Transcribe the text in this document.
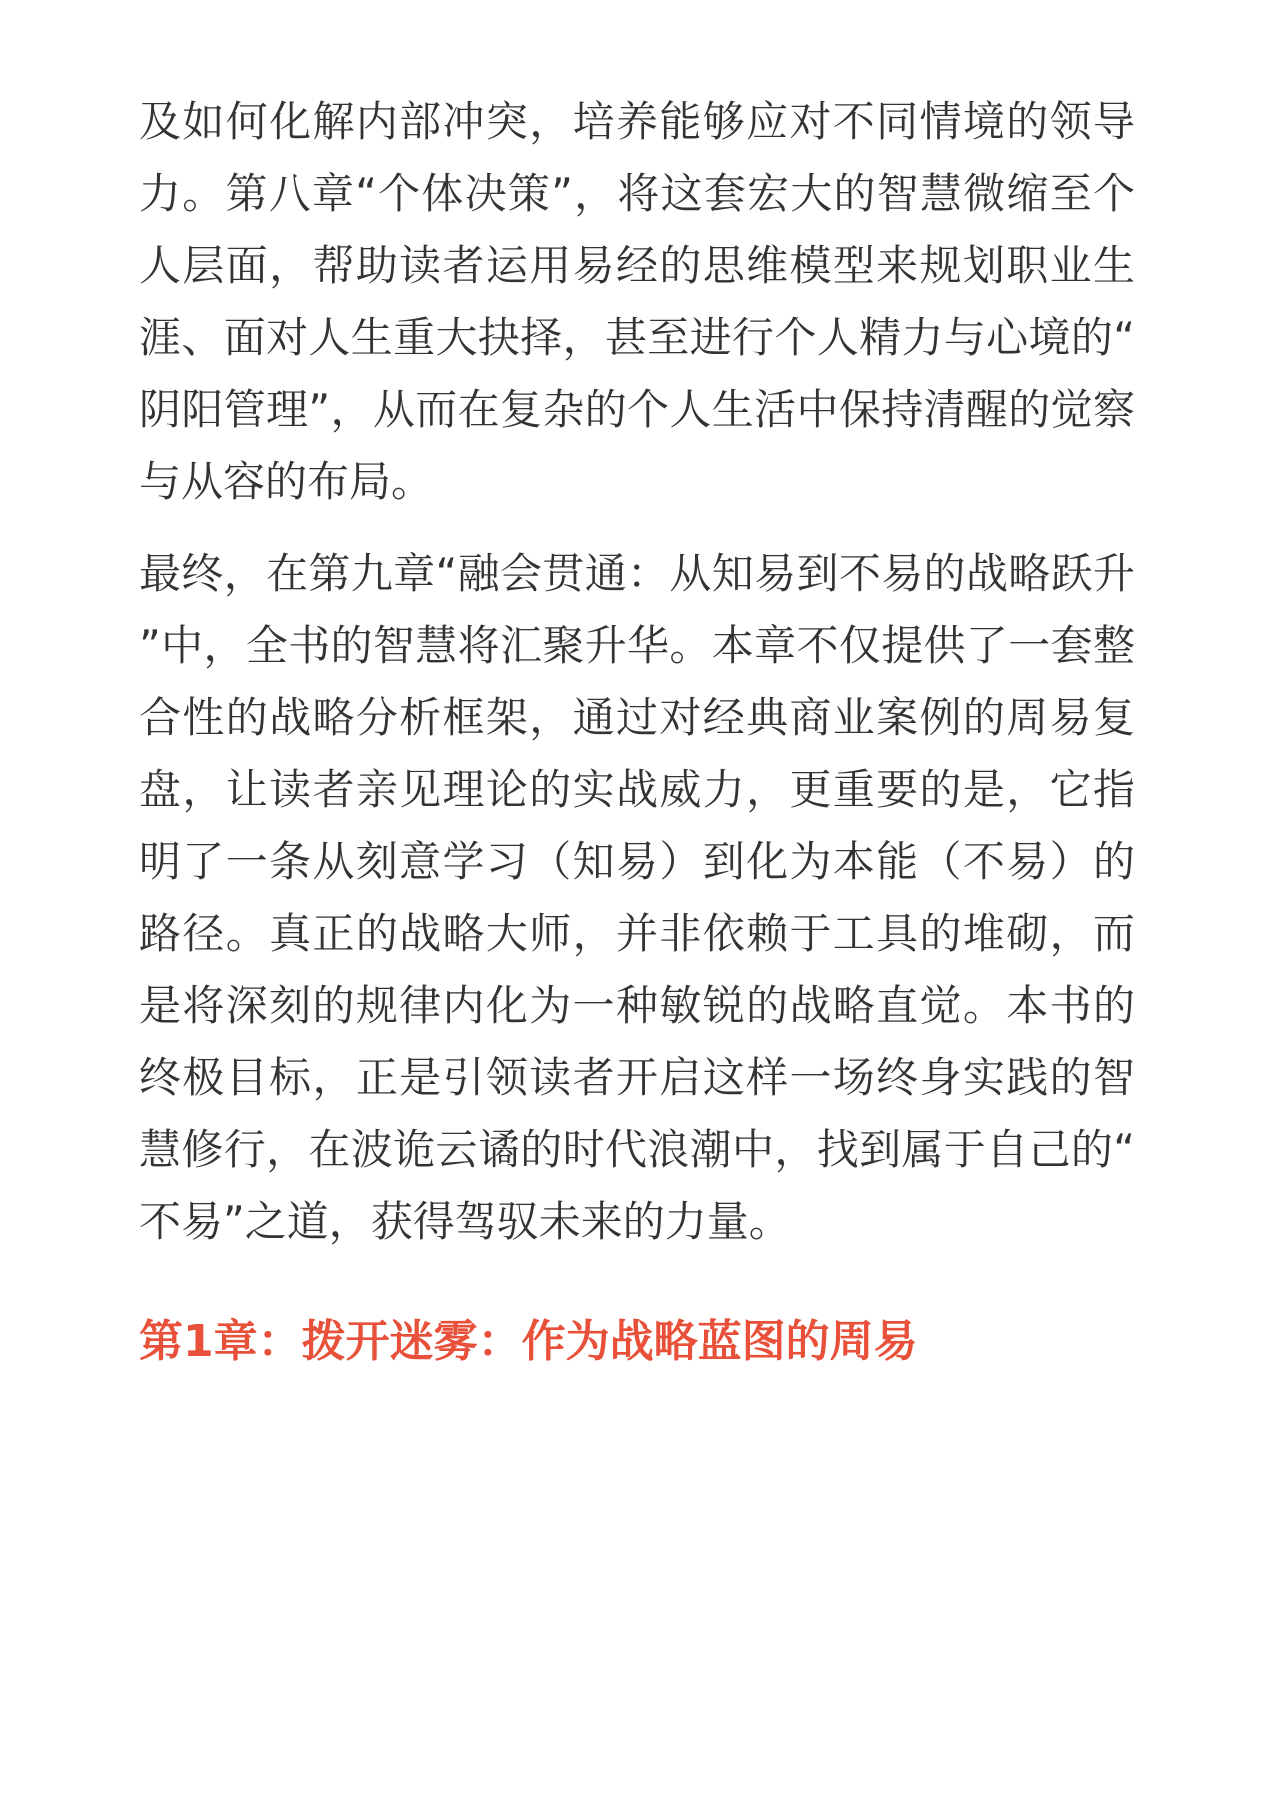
及如何化解内部冲突，培养能够应对不同情境的领导力。第八章“个体决策”，将这套宏大的智慧微缩至个人层面，帮助读者运用易经的思维模型来规划职业生涯、面对人生重大抉择，甚至进行个人精力与心境的“阴阳管理”，从而在复杂的个人生活中保持清醒的觉察与从容的布局。

最终，在第九章“融会贯通：从知易到不易的战略跃升”中，全书的智慧将汇聚升华。本章不仅提供了一套整合性的战略分析框架，通过对经典商业案例的周易复盘，让读者亲见理论的实战威力，更重要的是，它指明了一条从刻意学习（知易）到化为本能（不易）的路径。真正的战略大师，并非依赖于工具的堆砌，而是将深刻的规律内化为一种敏锐的战略直觉。本书的终极目标，正是引领读者开启这样一场终身实践的智慧修行，在波诡云谲的时代浪潮中，找到属于自己的“不易”之道，获得驾驭未来的力量。

第1章：拨开迷雾：作为战略蓝图的周易
